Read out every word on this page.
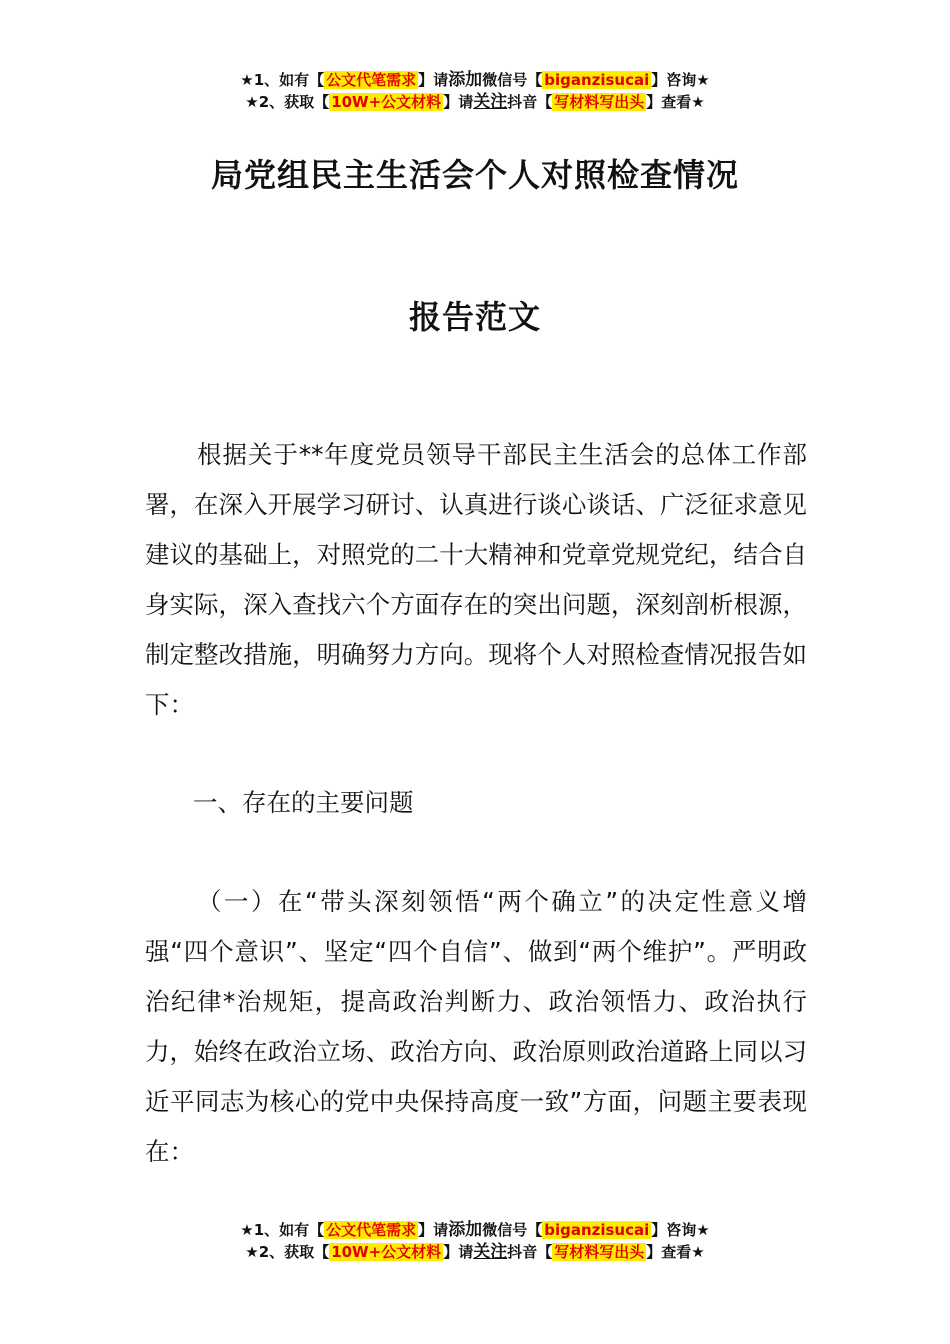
★1、如有【 公文代笔需求 】请添加微信号【 biganzisucai 】咨询★
★2、获取【 10W+公文材料 】请关注抖音【 写材料写出头 】查看★
局党组民主生活会个人对照检查情况
报告范文
根据关于**年度党员领导干部民主生活会的总体工作部署，在深入开展学习研讨、认真进行谈心谈话、广泛征求意见建议的基础上，对照党的二十大精神和党章党规党纪，结合自身实际，深入查找六个方面存在的突出问题，深刻剖析根源，制定整改措施，明确努力方向。现将个人对照检查情况报告如下：
一、存在的主要问题
（一）在“带头深刻领悟“两个确立”的决定性意义增强“四个意识”、坚定“四个自信”、做到“两个维护”。严明政治纪律*治规矩，提高政治判断力、政治领悟力、政治执行力，始终在政治立场、政治方向、政治原则政治道路上同以习近平同志为核心的党中央保持高度一致”方面，问题主要表现在：
★1、如有【 公文代笔需求 】请添加微信号【 biganzisucai 】咨询★
★2、获取【 10W+公文材料 】请关注抖音【 写材料写出头 】查看★
